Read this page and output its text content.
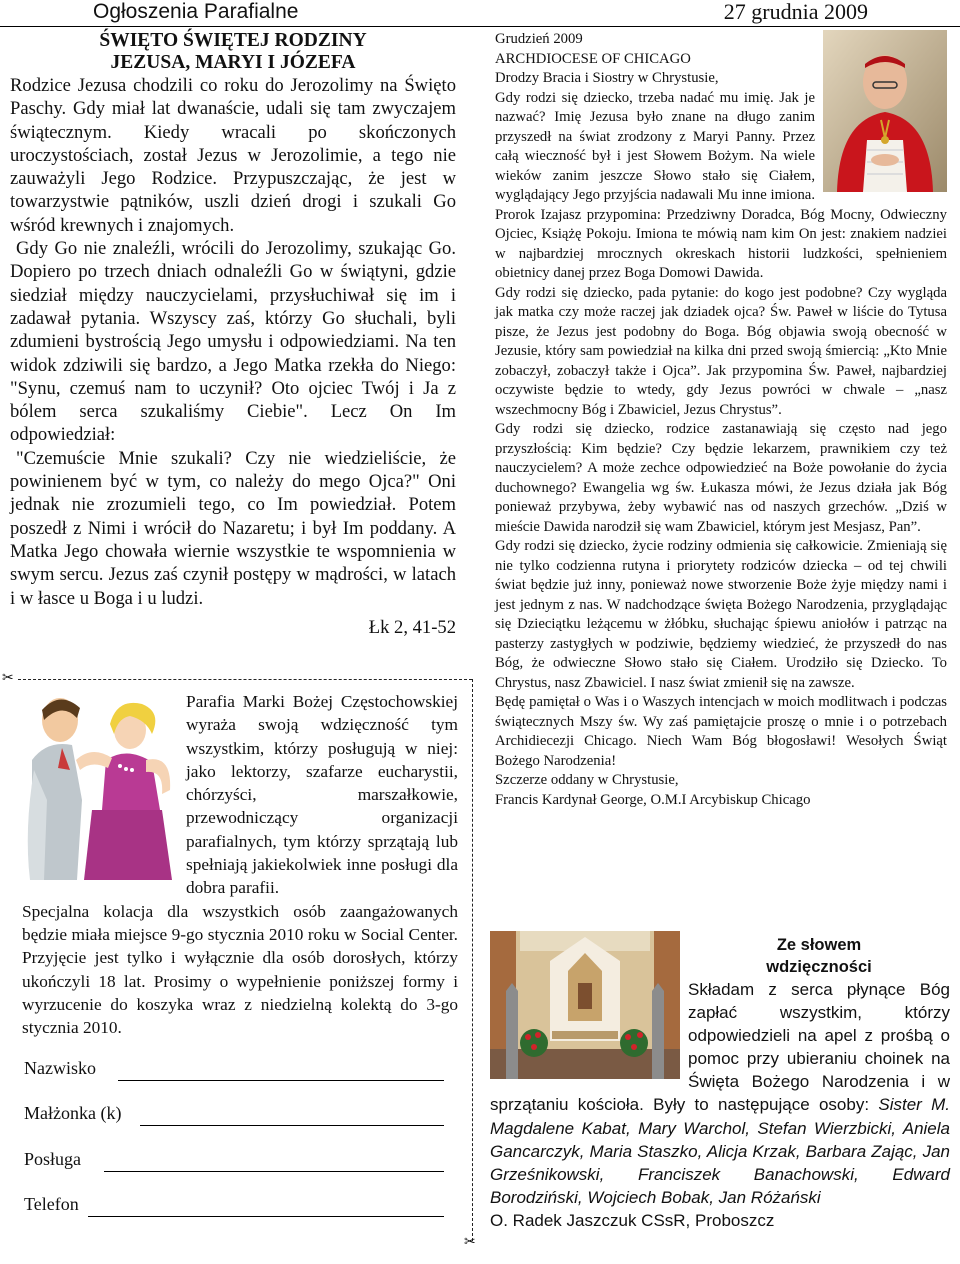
Ogłoszenia Parafialne	27 grudnia 2009
ŚWIĘTO ŚWIĘTEJ RODZINY
JEZUSA, MARYI I JÓZEFA

Rodzice Jezusa chodzili co roku do Jerozolimy na Święto Paschy. Gdy miał lat dwanaście, udali się tam zwyczajem świątecznym. Kiedy wracali po skończonych uroczystościach, został Jezus w Jerozolimie, a tego nie zauważyli Jego Rodzice. Przypuszczając, że jest w towarzystwie pątników, uszli dzień drogi i szukali Go wśród krewnych i znajomych.

Gdy Go nie znaleźli, wrócili do Jerozolimy, szukając Go. Dopiero po trzech dniach odnaleźli Go w świątyni, gdzie siedział między nauczycielami, przysłuchiwał się im i zadawał pytania. Wszyscy zaś, którzy Go słuchali, byli zdumieni bystrością Jego umysłu i odpowiedziami. Na ten widok zdziwili się bardzo, a Jego Matka rzekła do Niego: "Synu, czemuś nam to uczynił? Oto ojciec Twój i Ja z bólem serca szukaliśmy Ciebie". Lecz On Im odpowiedział:

"Czemuście Mnie szukali? Czy nie wiedzieliście, że powinienem być w tym, co należy do mego Ojca?" Oni jednak nie zrozumieli tego, co Im powiedział. Potem poszedł z Nimi i wrócił do Nazaretu; i był Im poddany. A Matka Jego chowała wiernie wszystkie te wspomnienia w swym sercu. Jezus zaś czynił postępy w mądrości, w latach i w łasce u Boga i u ludzi.

Łk 2, 41-52
✂
✂

Parafia Marki Bożej Częstochowskiej wyraża swoją wdzięczność tym wszystkim, którzy posługują w niej: jako lektorzy, szafarze eucharystii, chórzyści, marszałkowie, przewodniczący organizacji parafialnych, tym którzy sprzątają lub spełniają jakiekolwiek inne posługi dla dobra parafii.

Specjalna kolacja dla wszystkich osób zaangażowanych będzie miała miejsce 9-go stycznia 2010 roku w Social Center. Przyjęcie jest tylko i wyłącznie dla osób dorosłych, którzy ukończyli 18 lat. Prosimy o wypełnienie poniższej formy i wyrzucenie do koszyka wraz z niedzielną kolektą do 3-go stycznia 2010.

Nazwisko
Małżonka (k)
Posługa
Telefon

Grudzień 2009

ARCHDIOCESE OF CHICAGO

Drodzy Bracia i Siostry w Chrystusie,

Gdy rodzi się dziecko, trzeba nadać mu imię. Jak je nazwać? Imię Jezusa było znane na długo zanim przyszedł na świat zrodzony z Maryi Panny. Przez całą wieczność był i jest Słowem Bożym. Na wiele wieków zanim jeszcze Słowo stało się Ciałem, wyglądający Jego przyjścia nadawali Mu inne imiona. Prorok Izajasz przypomina: Przedziwny Doradca, Bóg Mocny, Odwieczny Ojciec, Książę Pokoju. Imiona te mówią nam kim On jest: znakiem nadziei w najbardziej mrocznych okreskach historii ludzkości, spełnieniem obietnicy danej przez Boga Domowi Dawida.

Gdy rodzi się dziecko, pada pytanie: do kogo jest podobne? Czy wygląda jak matka czy może raczej jak dziadek ojca? Św. Paweł w liście do Tytusa pisze, że Jezus jest podobny do Boga. Bóg objawia swoją obecność w Jezusie, który sam powiedział na kilka dni przed swoją śmiercią: „Kto Mnie zobaczył, zobaczył także i Ojca”. Jak przypomina Św. Paweł, najbardziej oczywiste będzie to wtedy, gdy Jezus powróci w chwale – „nasz wszechmocny Bóg i Zbawiciel, Jezus Chrystus”.

Gdy rodzi się dziecko, rodzice zastanawiają się często nad jego przyszłością: Kim będzie? Czy będzie lekarzem, prawnikiem czy też nauczycielem? A może zechce odpowiedzieć na Boże powołanie do życia duchownego? Ewangelia wg św. Łukasza mówi, że Jezus działa jak Bóg ponieważ przybywa, żeby wybawić nas od naszych grzechów. „Dziś w mieście Dawida narodził się wam Zbawiciel, którym jest Mesjasz, Pan”.

Gdy rodzi się dziecko, życie rodziny odmienia się całkowicie. Zmieniają się nie tylko codzienna rutyna i priorytety rodziców dziecka – od tej chwili świat będzie już inny, ponieważ nowe stworzenie Boże żyje między nami i jest jednym z nas. W nadchodzące święta Bożego Narodzenia, przyglądając się Dzieciątku leżącemu w żłóbku, słuchając śpiewu aniołów i patrząc na pasterzy zastygłych w podziwie, będziemy wiedzieć, że przyszedł do nas Bóg, że odwieczne Słowo stało się Ciałem. Urodziło się Dziecko. To Chrystus, nasz Zbawiciel. I nasz świat zmienił się na zawsze.

Będę pamiętał o Was i o Waszych intencjach w moich modlitwach i podczas świątecznych Mszy św. Wy zaś pamiętajcie proszę o mnie i o potrzebach Archidiecezji Chicago. Niech Wam Bóg błogosławi! Wesołych Świąt Bożego Narodzenia!

Szczerze oddany w Chrystusie,

Francis Kardynał George, O.M.I Arcybiskup Chicago

Ze słowem
wdzięczności

Składam z serca płynące Bóg zapłać wszystkim, którzy odpowiedzieli na apel z prośbą o pomoc przy ubieraniu choinek na Święta Bożego Narodzenia i w sprzątaniu kościoła. Były to następujące osoby: Sister M. Magdalene Kabat, Mary Warchol, Stefan Wierzbicki, Aniela Gancarczyk, Maria Staszko, Alicja Krzak, Barbara Zając, Jan Grześnikowski, Franciszek Banachowski, Edward Borodziński, Wojciech Bobak, Jan Różański
O. Radek Jaszczuk CSsR, Proboszcz
